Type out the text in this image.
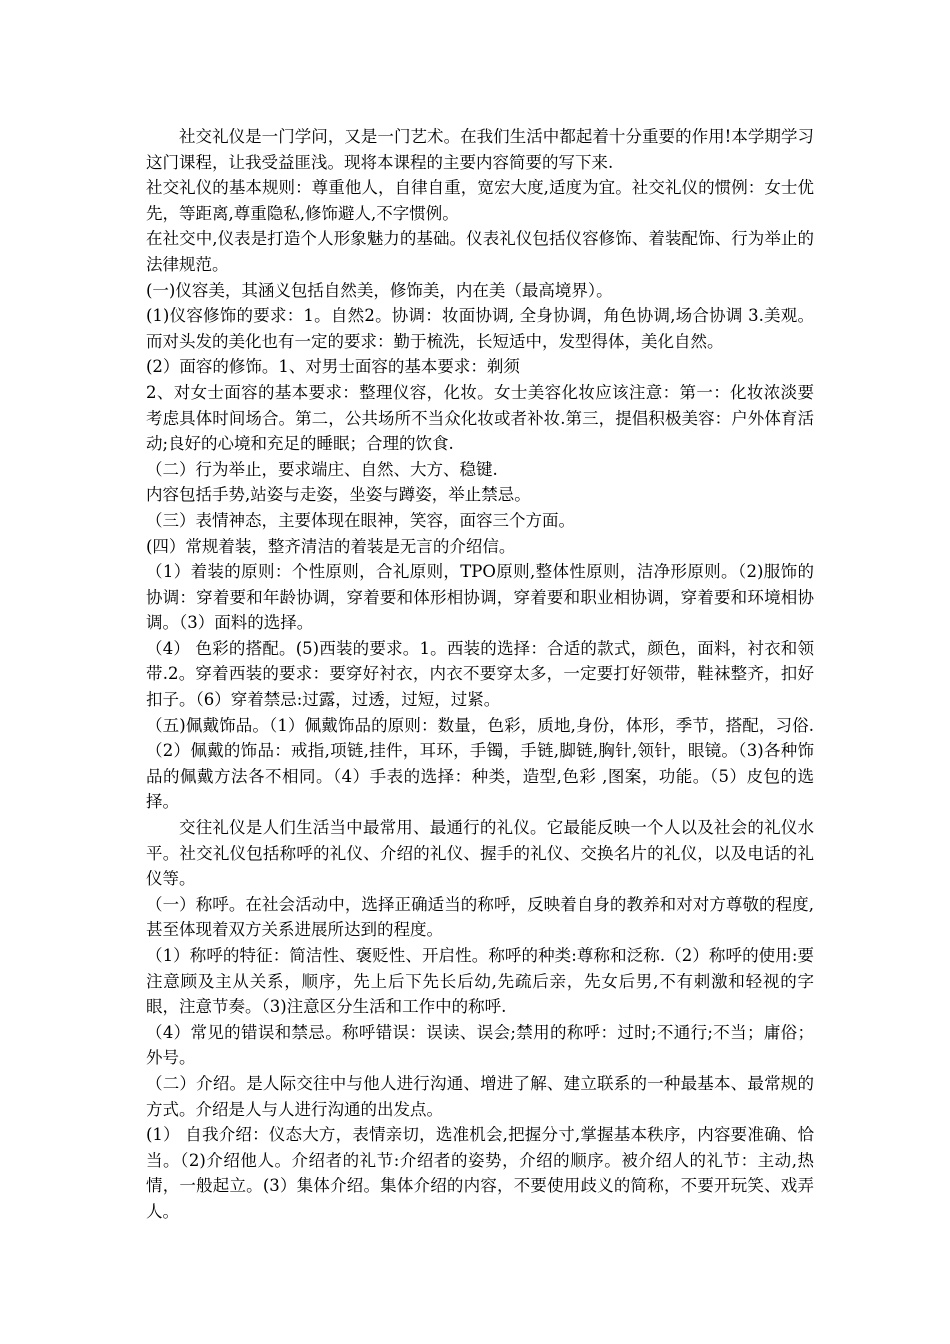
社交礼仪是一门学问，又是一门艺术。在我们生活中都起着十分重要的作用!本学期学习这门课程，让我受益匪浅。现将本课程的主要内容简要的写下来.

社交礼仪的基本规则：尊重他人，自律自重，宽宏大度,适度为宜。社交礼仪的惯例：女士优先，等距离,尊重隐私,修饰避人,不字惯例。

在社交中,仪表是打造个人形象魅力的基础。仪表礼仪包括仪容修饰、着装配饰、行为举止的法律规范。

(一)仪容美，其涵义包括自然美，修饰美，内在美（最高境界）。

(1)仪容修饰的要求：1。自然2。协调：妆面协调, 全身协调，角色协调,场合协调 3.美观。而对头发的美化也有一定的要求：勤于梳洗，长短适中，发型得体，美化自然。

(2）面容的修饰。1、对男士面容的基本要求：剃须

2、对女士面容的基本要求：整理仪容，化妆。女士美容化妆应该注意：第一：化妆浓淡要考虑具体时间场合。第二，公共场所不当众化妆或者补妆.第三，提倡积极美容：户外体育活动;良好的心境和充足的睡眠；合理的饮食.

（二）行为举止，要求端庄、自然、大方、稳键.

内容包括手势,站姿与走姿，坐姿与蹲姿，举止禁忌。

（三）表情神态，主要体现在眼神，笑容，面容三个方面。

(四）常规着装，整齐清洁的着装是无言的介绍信。

（1）着装的原则：个性原则，合礼原则，TPO原则,整体性原则，洁净形原则。（2)服饰的协调：穿着要和年龄协调，穿着要和体形相协调，穿着要和职业相协调，穿着要和环境相协调。（3）面料的选择。

（4） 色彩的搭配。(5)西装的要求。1。西装的选择：合适的款式，颜色，面料，衬衣和领带.2。穿着西装的要求：要穿好衬衣，内衣不要穿太多，一定要打好领带，鞋袜整齐，扣好扣子。（6）穿着禁忌:过露，过透，过短，过紧。

（五)佩戴饰品。（1）佩戴饰品的原则：数量，色彩，质地,身份，体形，季节，搭配，习俗.（2）佩戴的饰品：戒指,项链,挂件，耳环，手镯，手链,脚链,胸针,领针，眼镜。（3)各种饰品的佩戴方法各不相同。（4）手表的选择：种类，造型,色彩 ,图案，功能。（5）皮包的选择。

交往礼仪是人们生活当中最常用、最通行的礼仪。它最能反映一个人以及社会的礼仪水平。社交礼仪包括称呼的礼仪、介绍的礼仪、握手的礼仪、交换名片的礼仪，以及电话的礼仪等。

（一）称呼。在社会活动中，选择正确适当的称呼，反映着自身的教养和对对方尊敬的程度,甚至体现着双方关系进展所达到的程度。

（1）称呼的特征：简洁性、褒贬性、开启性。称呼的种类:尊称和泛称.（2）称呼的使用:要注意顾及主从关系，顺序，先上后下先长后幼,先疏后亲，先女后男,不有刺激和轻视的字眼，注意节奏。（3)注意区分生活和工作中的称呼.

（4）常见的错误和禁忌。称呼错误：误读、误会;禁用的称呼：过时;不通行;不当；庸俗；外号。

（二）介绍。是人际交往中与他人进行沟通、增进了解、建立联系的一种最基本、最常规的方式。介绍是人与人进行沟通的出发点。

(1） 自我介绍：仪态大方，表情亲切，选准机会,把握分寸,掌握基本秩序，内容要准确、恰当。（2)介绍他人。介绍者的礼节:介绍者的姿势，介绍的顺序。被介绍人的礼节：主动,热情，一般起立。(3）集体介绍。集体介绍的内容，不要使用歧义的简称，不要开玩笑、戏弄人。
